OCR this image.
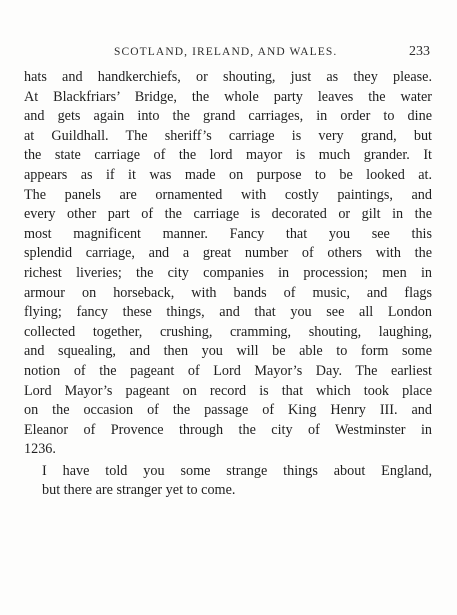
SCOTLAND, IRELAND, AND WALES.	233
hats and handkerchiefs, or shouting, just as they please.
At Blackfriars’ Bridge, the whole party leaves the water
and gets again into the grand carriages, in order to dine
at Guildhall. The sheriff’s carriage is very grand, but
the state carriage of the lord mayor is much grander. It
appears as if it was made on purpose to be looked at.
The panels are ornamented with costly paintings, and
every other part of the carriage is decorated or gilt in the
most magnificent manner. Fancy that you see this
splendid carriage, and a great number of others with the
richest liveries; the city companies in procession; men in
armour on horseback, with bands of music, and flags
flying; fancy these things, and that you see all London
collected together, crushing, cramming, shouting, laughing,
and squealing, and then you will be able to form some
notion of the pageant of Lord Mayor’s Day. The earliest
Lord Mayor’s pageant on record is that which took place
on the occasion of the passage of King Henry III. and
Eleanor of Provence through the city of Westminster in
1236.
I have told you some strange things about England,
but there are stranger yet to come.
